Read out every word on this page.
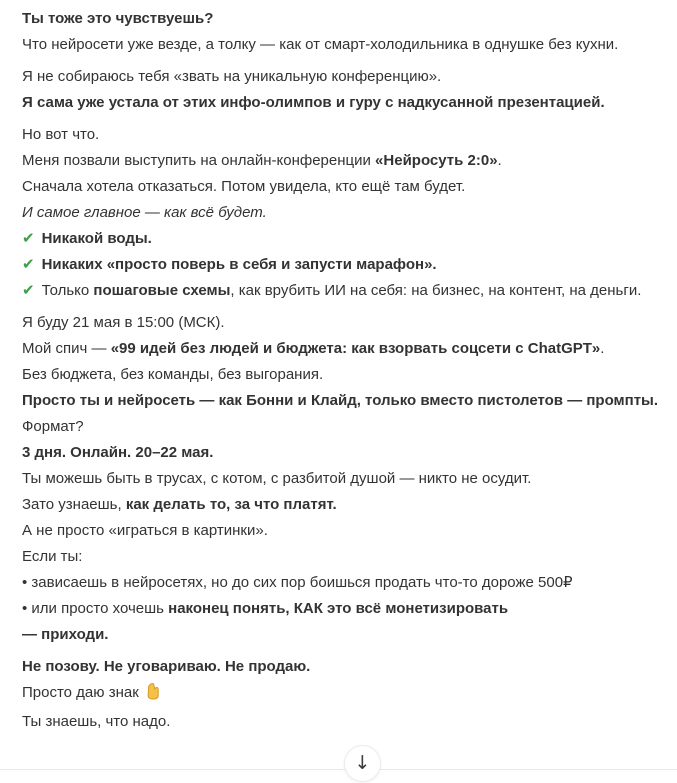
Ты тоже это чувствуешь?

Что нейросети уже везде, а толку — как от смарт-холодильника в однушке без кухни.

Я не собираюсь тебя «звать на уникальную конференцию».

Я сама уже устала от этих инфо-олимпов и гуру с надкусанной презентацией.

Но вот что.

Меня позвали выступить на онлайн-конференции «Нейросуть 2:0».

Сначала хотела отказаться. Потом увидела, кто ещё там будет.

И самое главное — как всё будет.

✔ Никакой воды.

✔ Никаких «просто поверь в себя и запусти марафон».

✔ Только пошаговые схемы, как врубить ИИ на себя: на бизнес, на контент, на деньги.

Я буду 21 мая в 15:00 (МСК).

Мой спич — «99 идей без людей и бюджета: как взорвать соцсети с ChatGPT».

Без бюджета, без команды, без выгорания.

Просто ты и нейросеть — как Бонни и Клайд, только вместо пистолетов — промпты.

Формат?

3 дня. Онлайн. 20–22 мая.

Ты можешь быть в трусах, с котом, с разбитой душой — никто не осудит.

Зато узнаешь, как делать то, за что платят.

А не просто «играться в картинки».

Если ты:

• зависаешь в нейросетях, но до сих пор боишься продать что-то дороже 500₽

• или просто хочешь наконец понять, КАК это всё монетизировать

— приходи.

Не позову. Не уговариваю. Не продаю.

Просто даю знак

Ты знаешь, что надо.

↓
